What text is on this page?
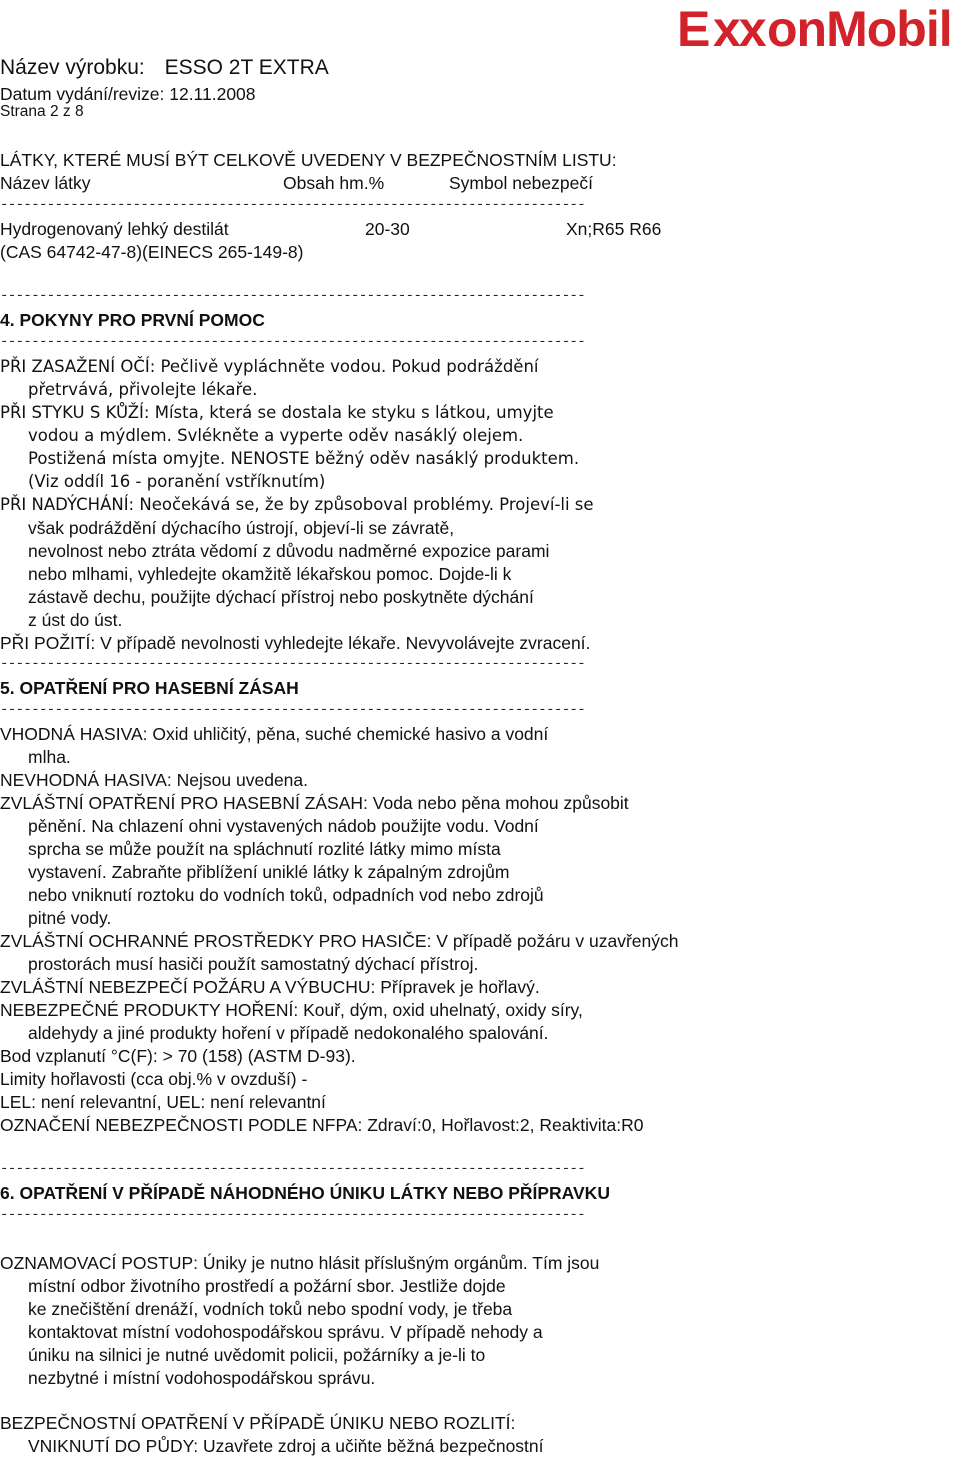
E xx onMobil
Název výrobku: ESSO 2T EXTRA
Datum vydání/revize: 12.11.2008
Strana 2 z 8
LÁTKY, KTERÉ MUSÍ BÝT CELKOVĚ UVEDENY V BEZPEČNOSTNÍM LISTU:
Název látky	Obsah hm.%	Symbol nebezpečí
---------------------------------------------------------------------------
Hydrogenovaný lehký destilát	20-30	Xn;R65 R66
(CAS 64742-47-8)(EINECS 265-149-8)
---------------------------------------------------------------------------
4. POKYNY PRO PRVNÍ POMOC
---------------------------------------------------------------------------
PŘI ZASAŽENÍ OČÍ: Pečlivě vypláchněte vodou. Pokud podráždění
přetrvává, přivolejte lékaře.
PŘI STYKU S KŮŽÍ: Místa, která se dostala ke styku s látkou, umyjte
vodou a mýdlem. Svlékněte a vyperte oděv nasáklý olejem.
Postižená místa omyjte. NENOSTE běžný oděv nasáklý produktem.
(Viz oddíl 16 - poranění vstříknutím)
PŘI NADÝCHÁNÍ: Neočekává se, že by způsoboval problémy. Projeví-li se
však podráždění dýchacího ústrojí, objeví-li se závratě,
nevolnost nebo ztráta vědomí z důvodu nadměrné expozice parami
nebo mlhami, vyhledejte okamžitě lékařskou pomoc. Dojde-li k
zástavě dechu, použijte dýchací přístroj nebo poskytněte dýchání
z úst do úst.
PŘI POŽITÍ: V případě nevolnosti vyhledejte lékaře. Nevyvolávejte zvracení.
---------------------------------------------------------------------------
5. OPATŘENÍ PRO HASEBNÍ ZÁSAH
---------------------------------------------------------------------------
VHODNÁ HASIVA: Oxid uhličitý, pěna, suché chemické hasivo a vodní
mlha.
NEVHODNÁ HASIVA: Nejsou uvedena.
ZVLÁŠTNÍ OPATŘENÍ PRO HASEBNÍ ZÁSAH: Voda nebo pěna mohou způsobit
pěnění. Na chlazení ohni vystavených nádob použijte vodu. Vodní
sprcha se může použít na spláchnutí rozlité látky mimo místa
vystavení. Zabraňte přiblížení uniklé látky k zápalným zdrojům
nebo vniknutí roztoku do vodních toků, odpadních vod nebo zdrojů
pitné vody.
ZVLÁŠTNÍ OCHRANNÉ PROSTŘEDKY PRO HASIČE: V případě požáru v uzavřených
prostorách musí hasiči použít samostatný dýchací přístroj.
ZVLÁŠTNÍ NEBEZPEČÍ POŽÁRU A VÝBUCHU: Přípravek je hořlavý.
NEBEZPEČNÉ PRODUKTY HOŘENÍ: Kouř, dým, oxid uhelnatý, oxidy síry,
aldehydy a jiné produkty hoření v případě nedokonalého spalování.
Bod vzplanutí °C(F): > 70 (158) (ASTM D-93).
Limity hořlavosti (cca obj.% v ovzduší) -
LEL: není relevantní, UEL: není relevantní
OZNAČENÍ NEBEZPEČNOSTI PODLE NFPA: Zdraví:0, Hořlavost:2, Reaktivita:R0
---------------------------------------------------------------------------
6. OPATŘENÍ V PŘÍPADĚ NÁHODNÉHO ÚNIKU LÁTKY NEBO PŘÍPRAVKU
---------------------------------------------------------------------------
OZNAMOVACÍ POSTUP: Úniky je nutno hlásit příslušným orgánům. Tím jsou
místní odbor životního prostředí a požární sbor. Jestliže dojde
ke znečištění drenáží, vodních toků nebo spodní vody, je třeba
kontaktovat místní vodohospodářskou správu. V případě nehody a
úniku na silnici je nutné uvědomit policii, požárníky a je-li to
nezbytné i místní vodohospodářskou správu.
BEZPEČNOSTNÍ OPATŘENÍ V PŘÍPADĚ ÚNIKU NEBO ROZLITÍ:
VNIKNUTÍ DO PŮDY: Uzavřete zdroj a učiňte běžná bezpečnostní
